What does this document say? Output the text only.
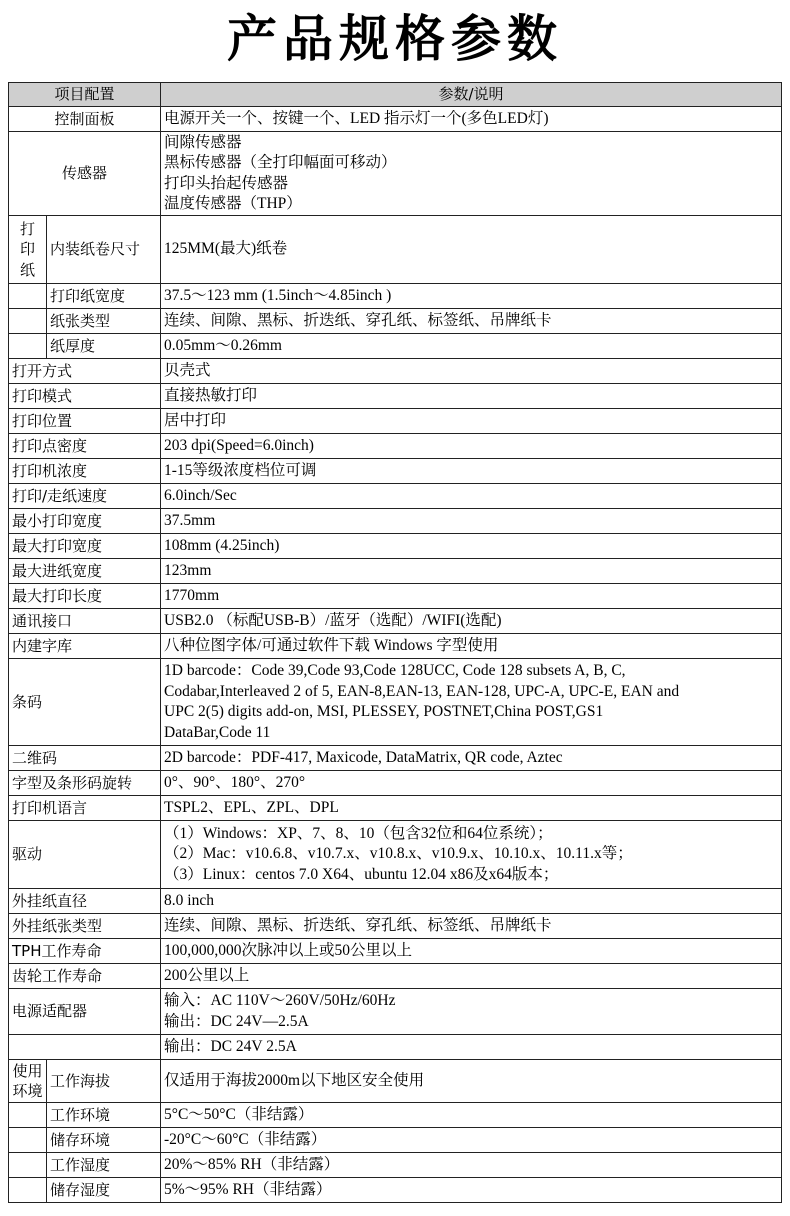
产品规格参数
项目配置		参数/说明
控制面板		电源开关一个、按键一个、LED 指示灯一个(多色LED灯)
传感器		间隙传感器
黑标传感器（全打印幅面可移动）
打印头抬起传感器
温度传感器（THP）

打
印
纸	内装纸卷尺寸	125MM(最大)纸卷
	打印纸宽度	37.5～123 mm (1.5inch～4.85inch )
	纸张类型	连续、间隙、黑标、折迭纸、穿孔纸、标签纸、吊牌纸卡
	纸厚度	0.05mm～0.26mm
打开方式		贝壳式
打印模式		直接热敏打印
打印位置		居中打印
打印点密度		203 dpi(Speed=6.0inch)
打印机浓度		1-15等级浓度档位可调
打印/走纸速度		6.0inch/Sec
最小打印宽度		37.5mm
最大打印宽度		108mm (4.25inch)
最大进纸宽度		123mm
最大打印长度		1770mm
通讯接口		USB2.0 （标配USB-B）/蓝牙（选配）/WIFI(选配)
内建字库		八种位图字体/可通过软件下载 Windows 字型使用
条码		1D barcode：Code 39,Code 93,Code 128UCC, Code 128 subsets A, B, C,
Codabar,Interleaved 2 of 5, EAN-8,EAN-13, EAN-128, UPC-A, UPC-E, EAN and
UPC 2(5) digits add-on, MSI, PLESSEY, POSTNET,China POST,GS1
DataBar,Code 11

二维码		2D barcode：PDF-417, Maxicode, DataMatrix, QR code, Aztec
字型及条形码旋转		0°、90°、180°、270°
打印机语言		TSPL2、EPL、ZPL、DPL
驱动		（1）Windows：XP、7、8、10（包含32位和64位系统）；
（2）Mac：v10.6.8、v10.7.x、v10.8.x、v10.9.x、10.10.x、10.11.x等；
（3）Linux：centos 7.0 X64、ubuntu 12.04 x86及x64版本；

外挂纸直径		8.0 inch
外挂纸张类型		连续、间隙、黑标、折迭纸、穿孔纸、标签纸、吊牌纸卡
TPH工作寿命		100,000,000次脉冲以上或50公里以上
齿轮工作寿命		200公里以上
电源适配器		输入：AC 110V～260V/50Hz/60Hz
输出：DC 24V—2.5A

		输出：DC 24V 2.5A

使用
环境	工作海拔	仅适用于海拔2000m以下地区安全使用
	工作环境	5°C～50°C（非结露）
	储存环境	-20°C～60°C（非结露）
	工作湿度	20%～85% RH（非结露）
	储存湿度	5%～95% RH（非结露）
